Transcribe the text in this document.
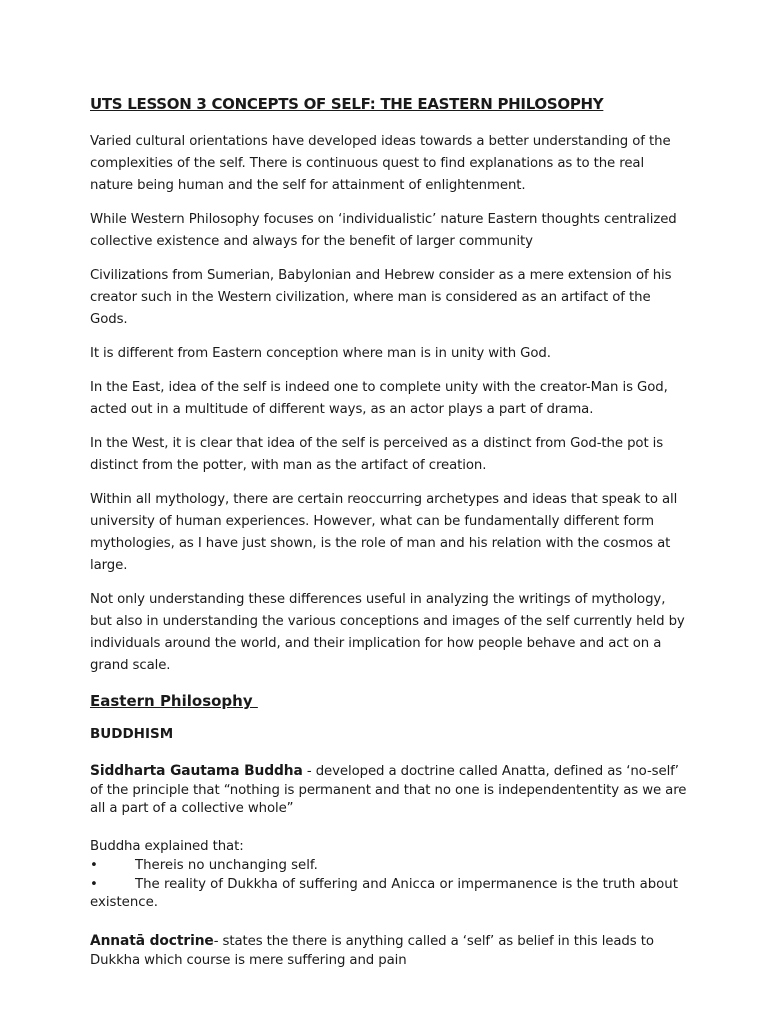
UTS LESSON 3 CONCEPTS OF SELF: THE EASTERN PHILOSOPHY

Varied cultural orientations have developed ideas towards a better understanding of the complexities of the self. There is continuous quest to find explanations as to the real nature being human and the self for attainment of enlightenment.

While Western Philosophy focuses on ‘individualistic’ nature Eastern thoughts centralized collective existence and always for the benefit of larger community

Civilizations from Sumerian, Babylonian and Hebrew consider as a mere extension of his creator such in the Western civilization, where man is considered as an artifact of the Gods.

It is different from Eastern conception where man is in unity with God.

In the East, idea of the self is indeed one to complete unity with the creator-Man is God, acted out in a multitude of different ways, as an actor plays a part of drama.

In the West, it is clear that idea of the self is perceived as a distinct from God-the pot is distinct from the potter, with man as the artifact of creation.

Within all mythology, there are certain reoccurring archetypes and ideas that speak to all university of human experiences. However, what can be fundamentally different form mythologies, as I have just shown, is the role of man and his relation with the cosmos at large.

Not only understanding these differences useful in analyzing the writings of mythology, but also in understanding the various conceptions and images of the self currently held by individuals around the world, and their implication for how people behave and act on a grand scale.

Eastern Philosophy
BUDDHISM

Siddharta Gautama Buddha - developed a doctrine called Anatta, defined as ‘no-self’ of the principle that “nothing is permanent and that no one is independententity as we are all a part of a collective whole”

Buddha explained that:

•	Thereis no unchanging self.
•	The reality of Dukkha of suffering and Anicca or impermanence is the truth about

existence.

Annatā doctrine- states the there is anything called a ‘self’ as belief in this leads to Dukkha which course is mere suffering and pain
